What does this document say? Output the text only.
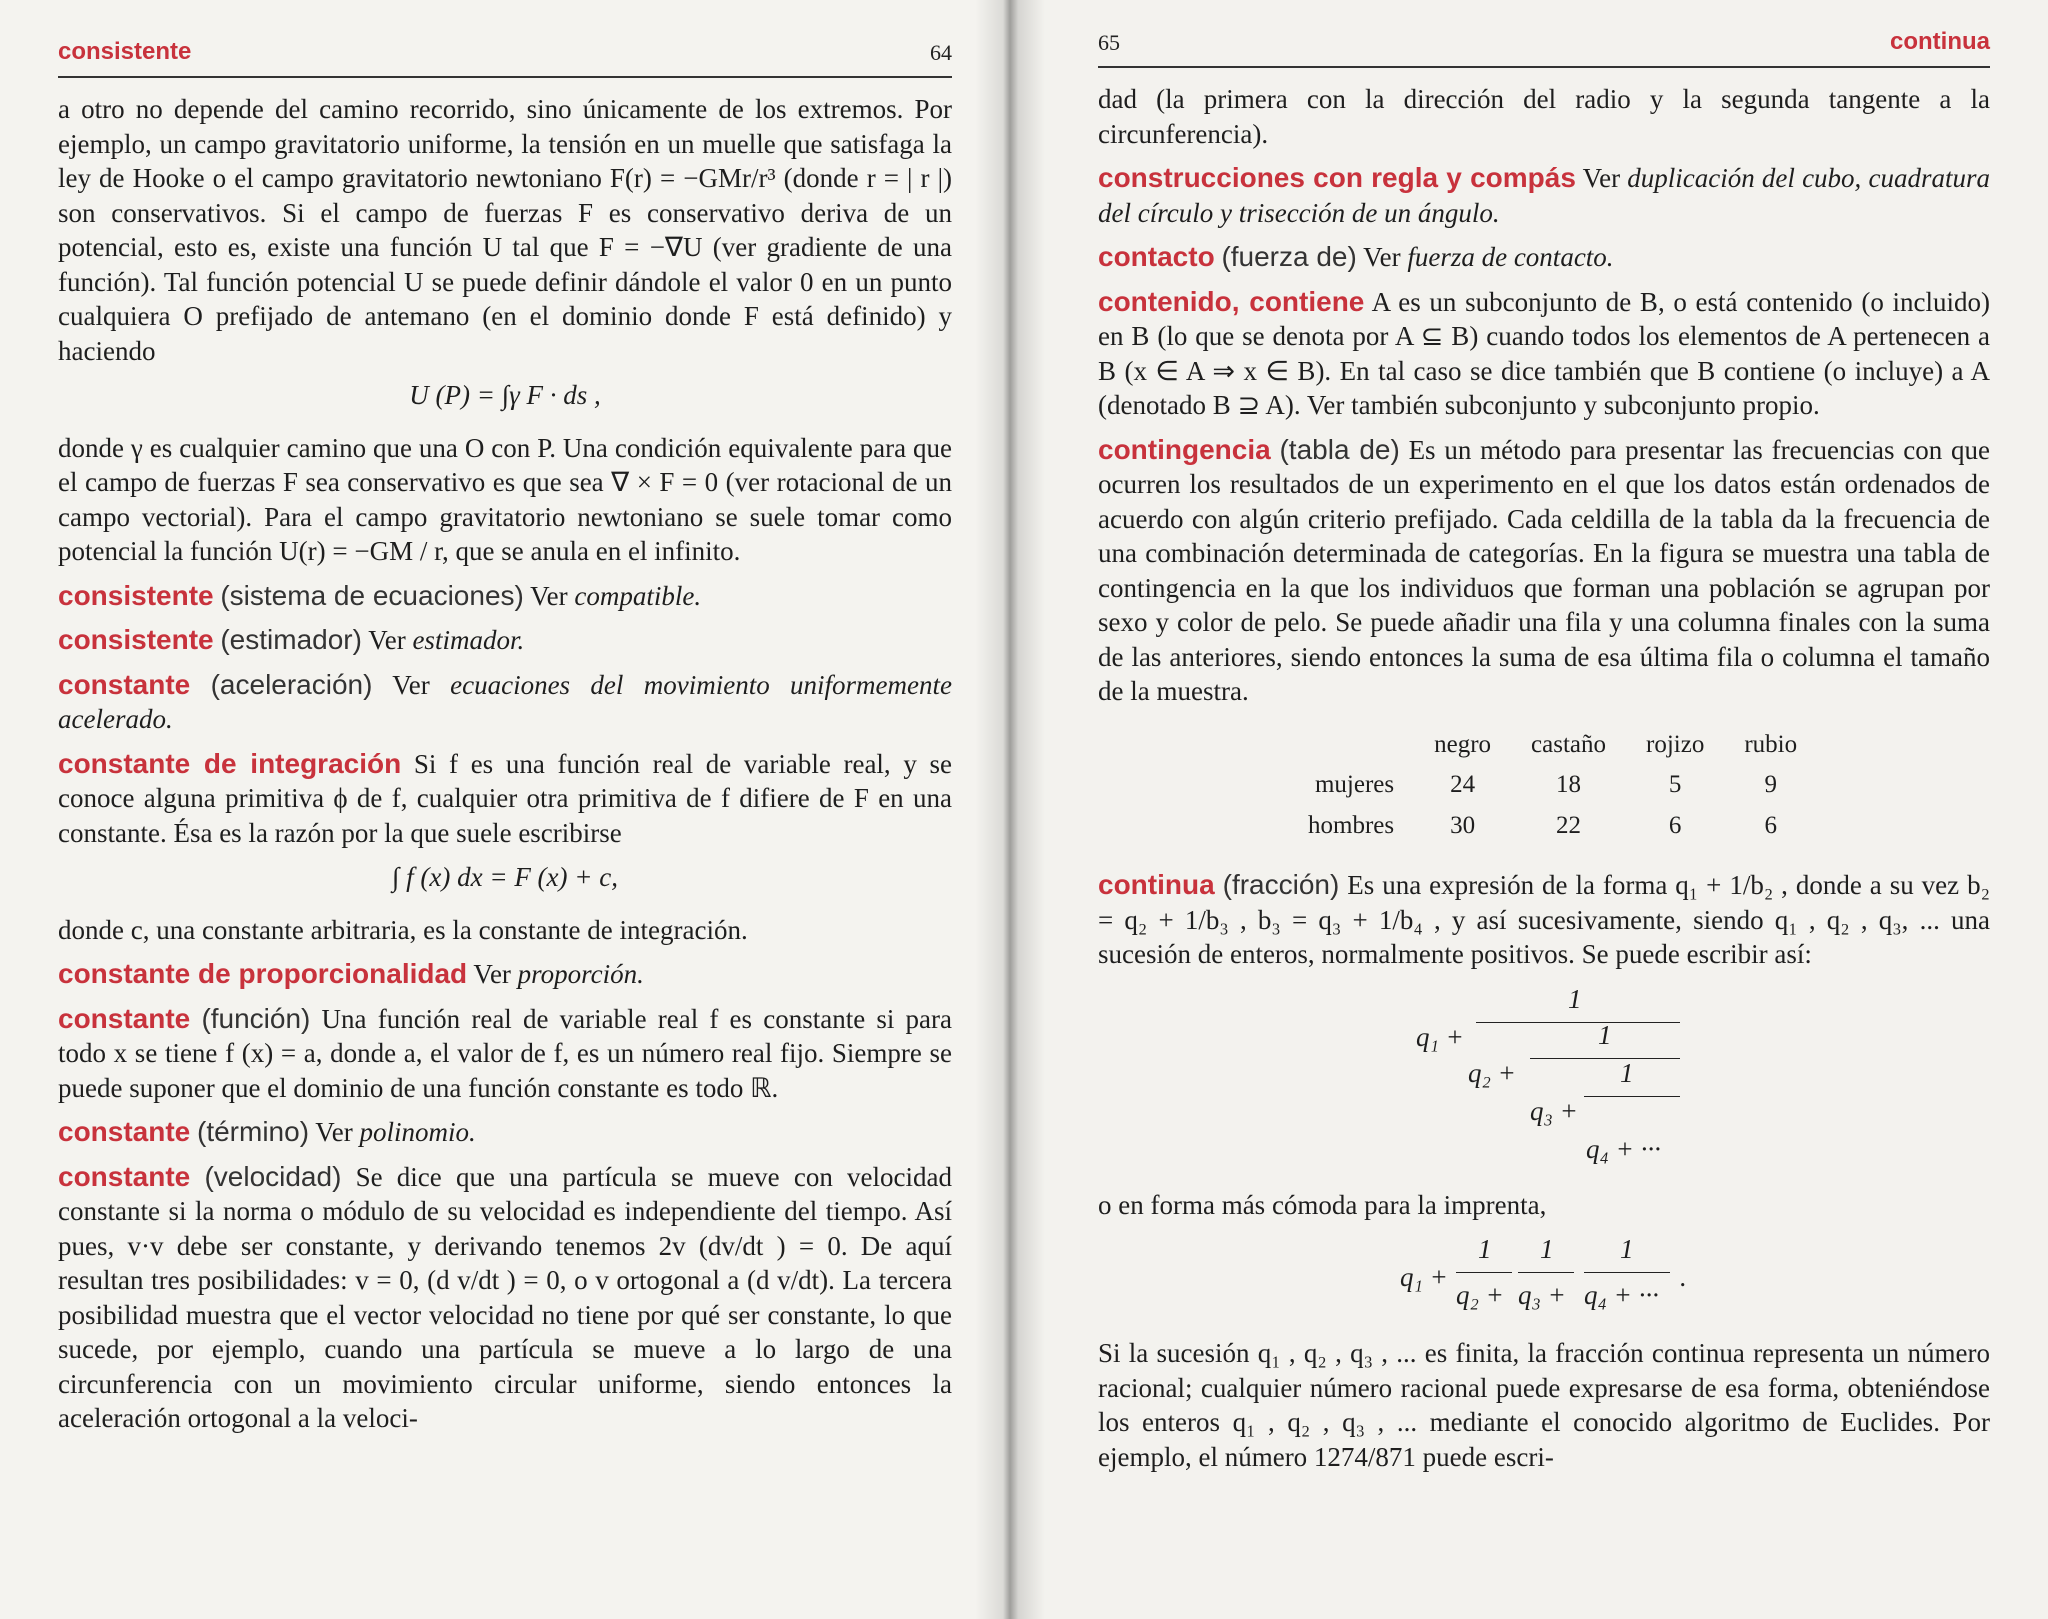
consistente	64

a otro no depende del camino recorrido, sino únicamente de los extremos. Por ejemplo, un campo gravitatorio uniforme, la tensión en un muelle que satisfaga la ley de Hooke o el campo gravitatorio newtoniano F(r) = −GMr/r³ (donde r = | r |) son conservativos. Si el campo de fuerzas F es conservativo deriva de un potencial, esto es, existe una función U tal que F = −∇U (ver gradiente de una función). Tal función potencial U se puede definir dándole el valor 0 en un punto cualquiera O prefijado de antemano (en el dominio donde F está definido) y haciendo

U (P) = ∫γ F · ds ,

donde γ es cualquier camino que una O con P. Una condición equivalente para que el campo de fuerzas F sea conservativo es que sea ∇ × F = 0 (ver rotacional de un campo vectorial). Para el campo gravitatorio newtoniano se suele tomar como potencial la función U(r) = −GM / r, que se anula en el infinito.

consistente (sistema de ecuaciones) Ver compatible.

consistente (estimador) Ver estimador.

constante (aceleración) Ver ecuaciones del movimiento uniformemente acelerado.

constante de integración Si f es una función real de variable real, y se conoce alguna primitiva ϕ de f, cualquier otra primitiva de f difiere de F en una constante. Ésa es la razón por la que suele escribirse

∫ f (x) dx = F (x) + c,

donde c, una constante arbitraria, es la constante de integración.

constante de proporcionalidad Ver proporción.

constante (función) Una función real de variable real f es constante si para todo x se tiene f (x) = a, donde a, el valor de f, es un número real fijo. Siempre se puede suponer que el dominio de una función constante es todo ℝ.

constante (término) Ver polinomio.

constante (velocidad) Se dice que una partícula se mueve con velocidad constante si la norma o módulo de su velocidad es independiente del tiempo. Así pues, v·v debe ser constante, y derivando tenemos 2v (dv/dt ) = 0. De aquí resultan tres posibilidades: v = 0, (d v/dt ) = 0, o v ortogonal a (d v/dt). La tercera posibilidad muestra que el vector velocidad no tiene por qué ser constante, lo que sucede, por ejemplo, cuando una partícula se mueve a lo largo de una circunferencia con un movimiento circular uniforme, siendo entonces la aceleración ortogonal a la veloci-

65	continua

dad (la primera con la dirección del radio y la segunda tangente a la circunferencia).

construcciones con regla y compás Ver duplicación del cubo, cuadratura del círculo y trisección de un ángulo.

contacto (fuerza de) Ver fuerza de contacto.

contenido, contiene A es un subconjunto de B, o está contenido (o incluido) en B (lo que se denota por A ⊆ B) cuando todos los elementos de A pertenecen a B (x ∈ A ⇒ x ∈ B). En tal caso se dice también que B contiene (o incluye) a A (denotado B ⊇ A). Ver también subconjunto y subconjunto propio.

contingencia (tabla de) Es un método para presentar las frecuencias con que ocurren los resultados de un experimento en el que los datos están ordenados de acuerdo con algún criterio prefijado. Cada celdilla de la tabla da la frecuencia de una combinación determinada de categorías. En la figura se muestra una tabla de contingencia en la que los individuos que forman una población se agrupan por sexo y color de pelo. Se puede añadir una fila y una columna finales con la suma de las anteriores, siendo entonces la suma de esa última fila o columna el tamaño de la muestra.

	negro	castaño	rojizo	rubio
mujeres	24	18	5	9
hombres	30	22	6	6

continua (fracción) Es una expresión de la forma q₁ + 1/b₂ , donde a su vez b₂ = q₂ + 1/b₃ , b₃ = q₃ + 1/b₄ , y así sucesivamente, siendo q₁ , q₂ , q₃, ... una sucesión de enteros, normalmente positivos. Se puede escribir así:

q₁ +
1
q₂ +
1
q₃ +
1
q₄ + ···

o en forma más cómoda para la imprenta,

q₁ +
1
q₂ +
1
q₃ +
1
q₄ + ···
.

Si la sucesión q₁ , q₂ , q₃ , ... es finita, la fracción continua representa un número racional; cualquier número racional puede expresarse de esa forma, obteniéndose los enteros q₁ , q₂ , q₃ , ... mediante el conocido algoritmo de Euclides. Por ejemplo, el número 1274/871 puede escri-
